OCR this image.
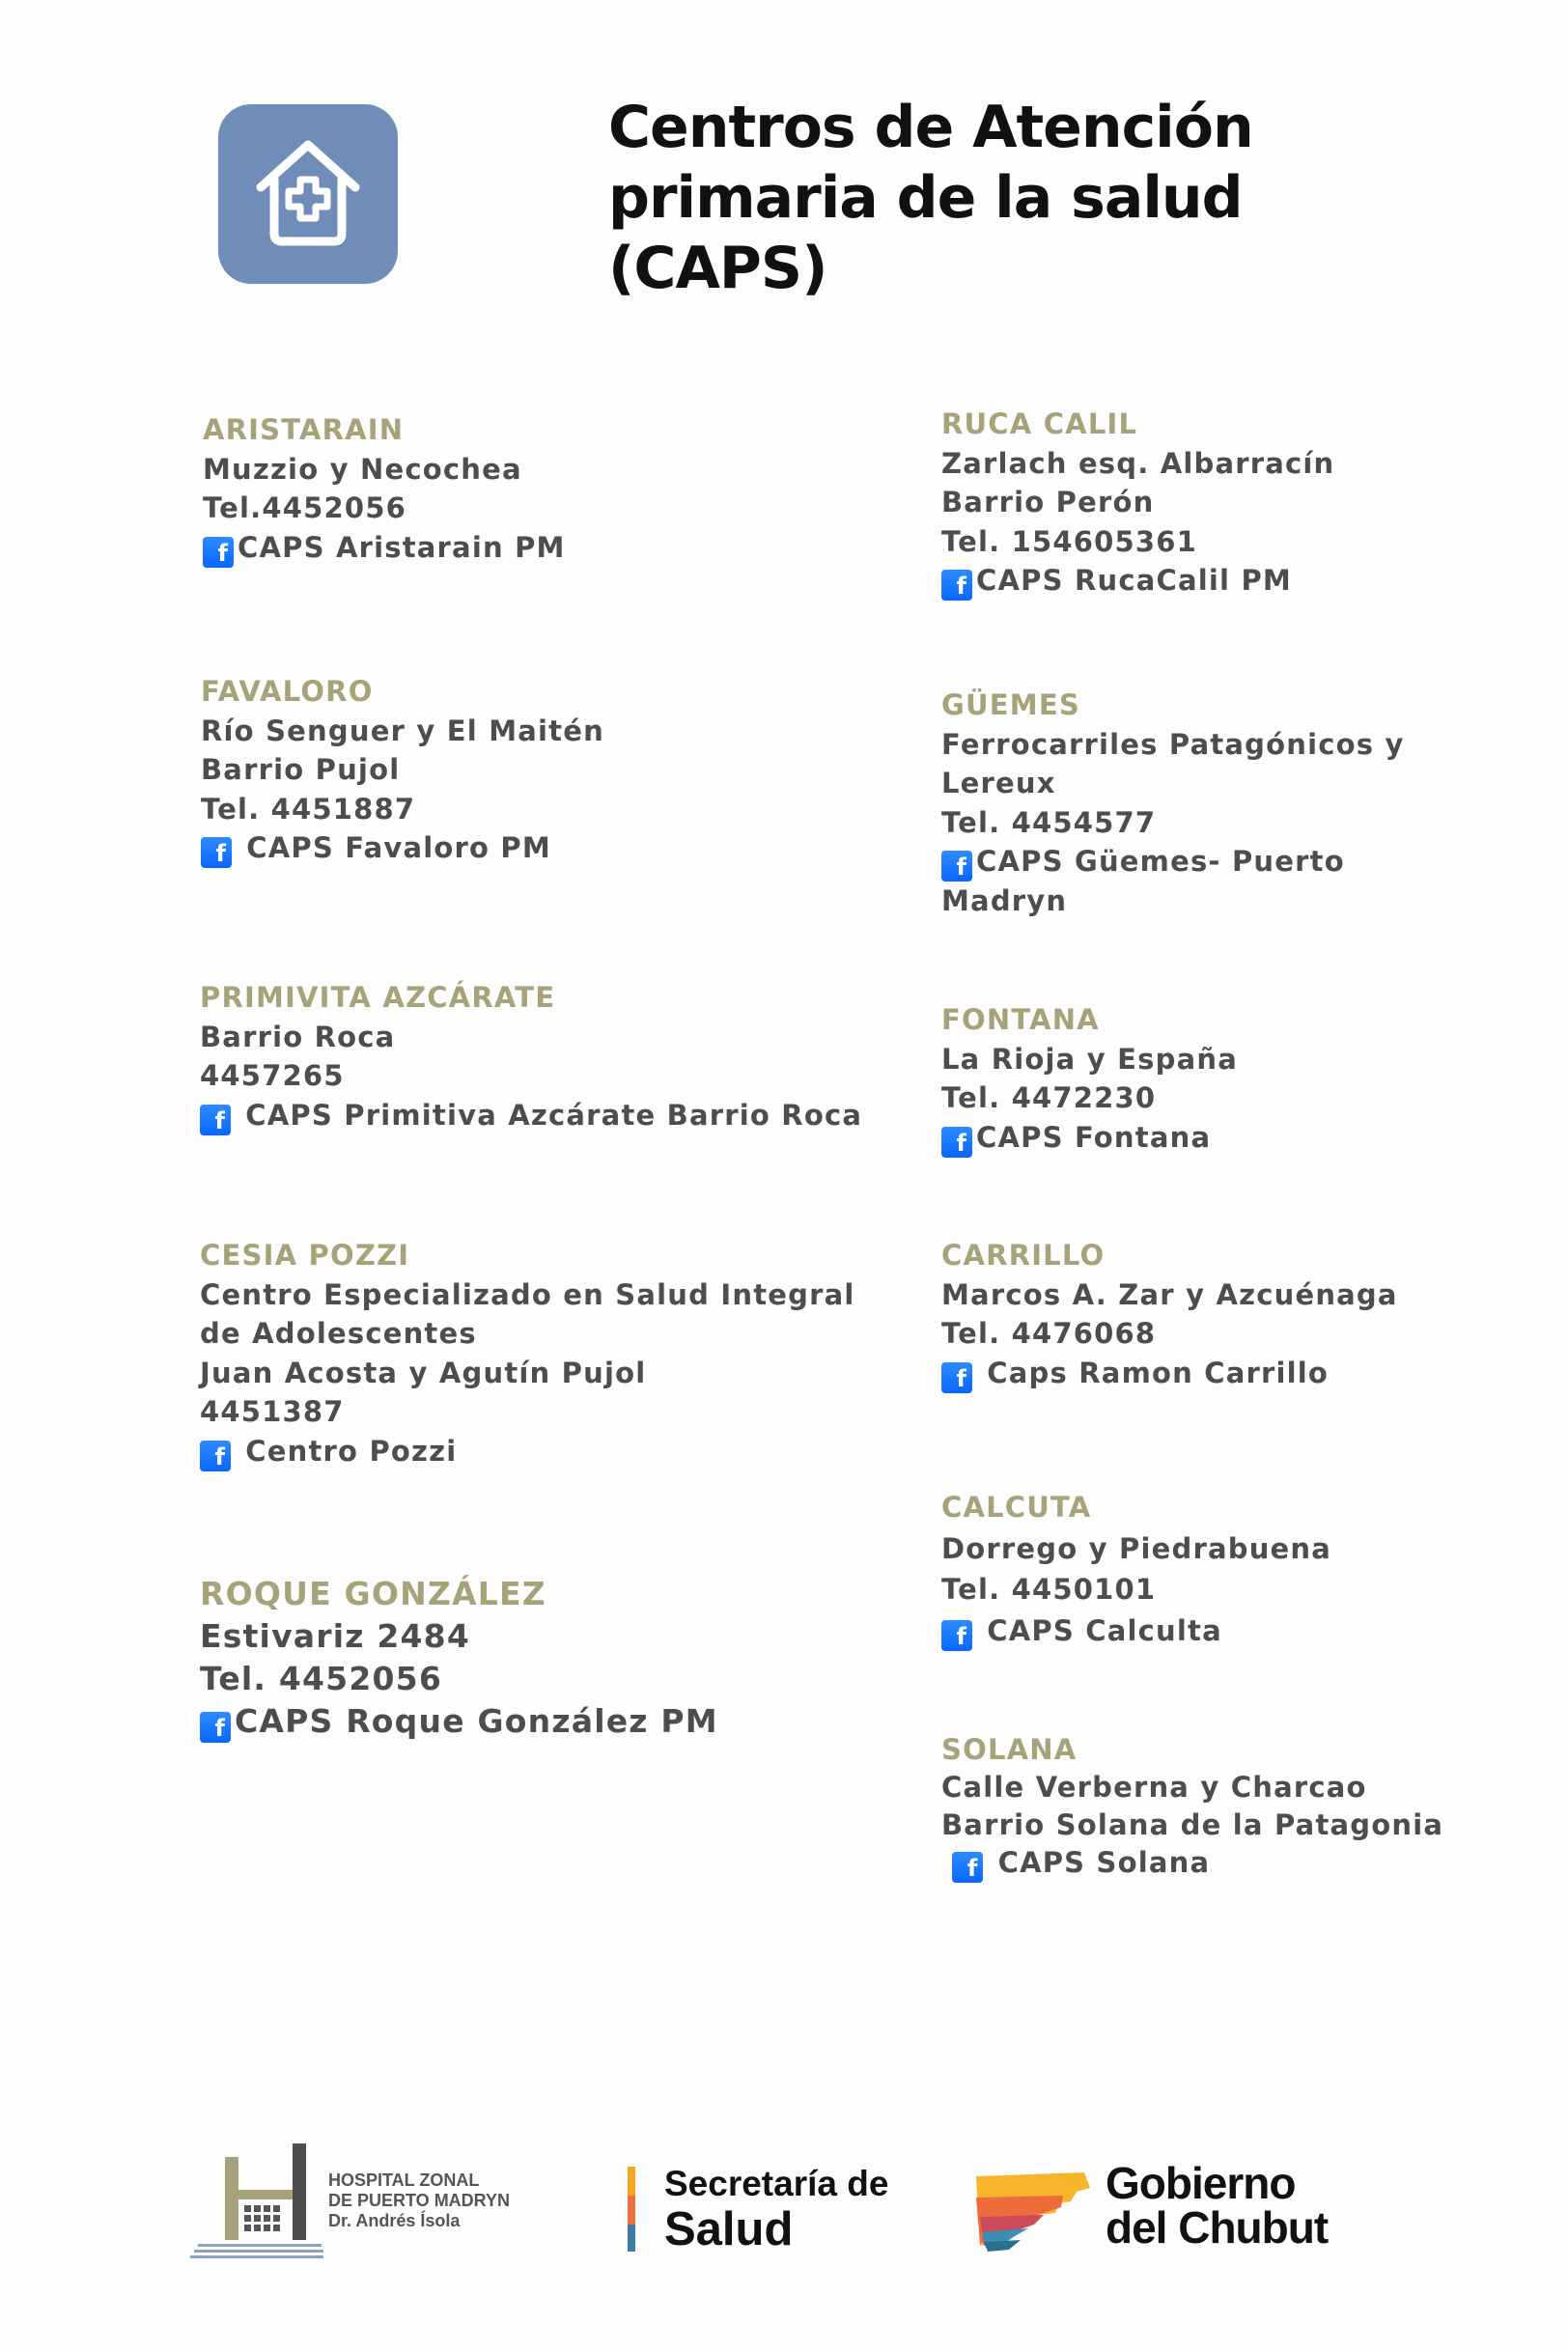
Centros de Atención
primaria de la salud
(CAPS)
ARISTARAIN
Muzzio y Necochea
Tel.4452056
f CAPS Aristarain PM
FAVALORO
Río Senguer y El Maitén
Barrio Pujol
Tel. 4451887
f CAPS Favaloro PM
PRIMIVITA AZCÁRATE
Barrio Roca
4457265
f CAPS Primitiva Azcárate Barrio Roca
CESIA POZZI
Centro Especializado en Salud Integral
de Adolescentes
Juan Acosta y Agutín Pujol
4451387
f Centro Pozzi
ROQUE GONZÁLEZ
Estivariz 2484
Tel. 4452056
f CAPS Roque González PM
RUCA CALIL
Zarlach esq. Albarracín
Barrio Perón
Tel. 154605361
f CAPS RucaCalil PM
GÜEMES
Ferrocarriles Patagónicos y
Lereux
Tel. 4454577
f CAPS Güemes- Puerto
Madryn
FONTANA
La Rioja y España
Tel. 4472230
f CAPS Fontana
CARRILLO
Marcos A. Zar y Azcuénaga
Tel. 4476068
f Caps Ramon Carrillo
CALCUTA
Dorrego y Piedrabuena
Tel. 4450101
f CAPS Calculta
SOLANA
Calle Verberna y Charcao
Barrio Solana de la Patagonia
f CAPS Solana
HOSPITAL ZONAL
DE PUERTO MADRYN
Dr. Andrés Ísola
Secretaría de
Salud
Gobierno
del Chubut
